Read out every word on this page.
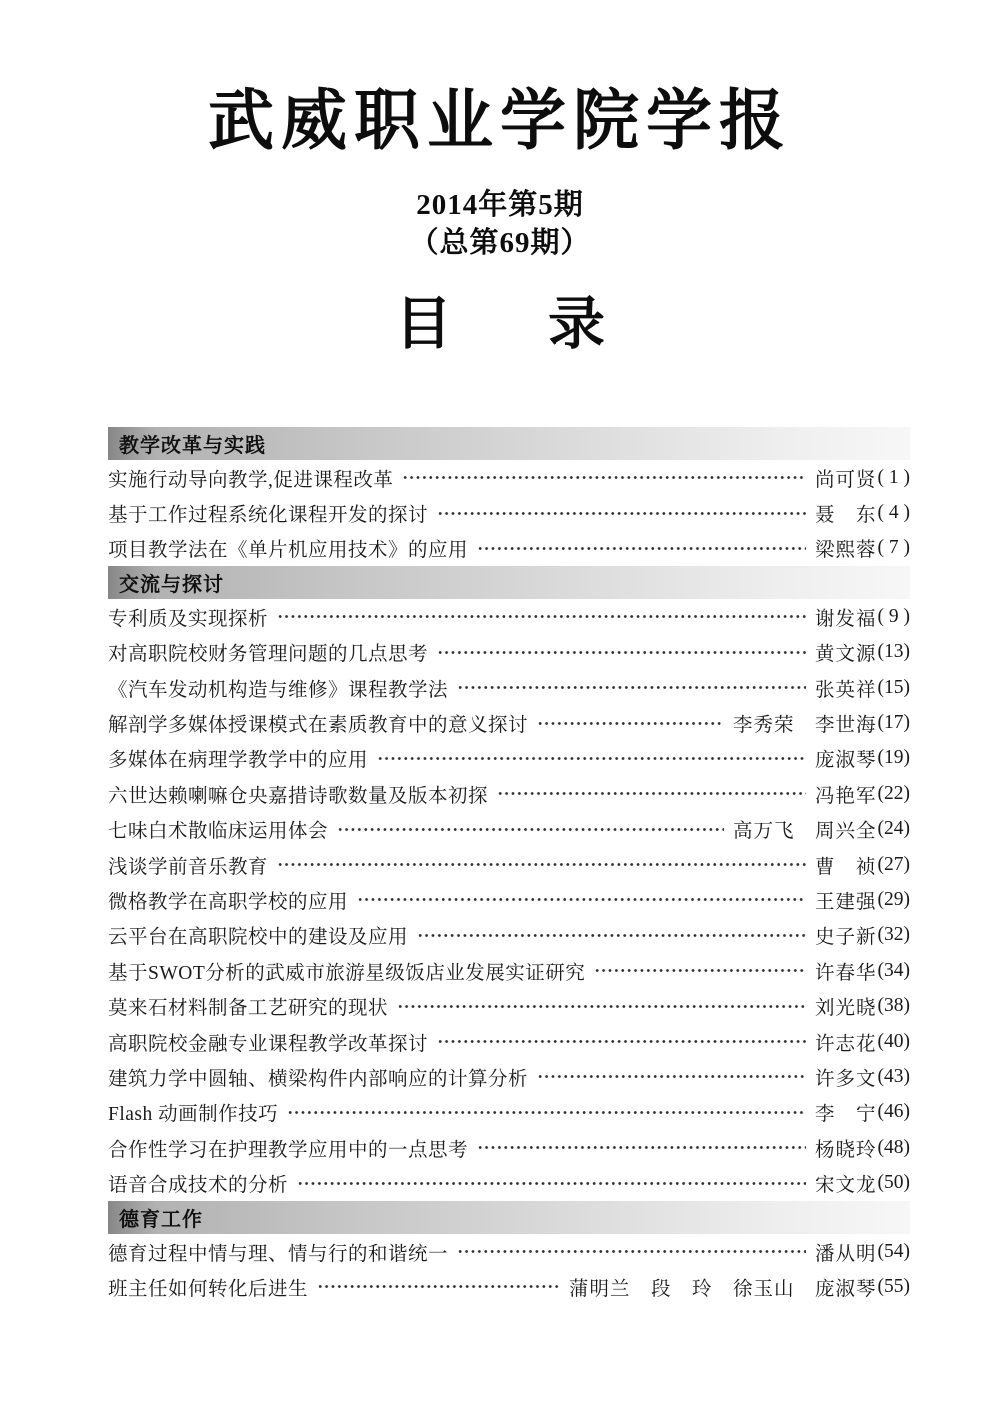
武威职业学院学报
2014年第5期
（总第69期）
目 录
教学改革与实践
实施行动导向教学,促进课程改革	尚可贤 ( 1 )
基于工作过程系统化课程开发的探讨	聂　东 ( 4 )
项目教学法在《单片机应用技术》的应用	梁熙蓉 ( 7 )
交流与探讨
专利质及实现探析	谢发福 ( 9 )
对高职院校财务管理问题的几点思考	黄文源 (13)
《汽车发动机构造与维修》课程教学法	张英祥 (15)
解剖学多媒体授课模式在素质教育中的意义探讨	李秀荣　李世海 (17)
多媒体在病理学教学中的应用	庞淑琴 (19)
六世达赖喇嘛仓央嘉措诗歌数量及版本初探	冯艳军 (22)
七味白术散临床运用体会	高万飞　周兴全 (24)
浅谈学前音乐教育	曹　祯 (27)
微格教学在高职学校的应用	王建强 (29)
云平台在高职院校中的建设及应用	史子新 (32)
基于SWOT分析的武威市旅游星级饭店业发展实证研究	许春华 (34)
莫来石材料制备工艺研究的现状	刘光晓 (38)
高职院校金融专业课程教学改革探讨	许志花 (40)
建筑力学中圆轴、横梁构件内部响应的计算分析	许多文 (43)
Flash 动画制作技巧	李　宁 (46)
合作性学习在护理教学应用中的一点思考	杨晓玲 (48)
语音合成技术的分析	宋文龙 (50)
德育工作
德育过程中情与理、情与行的和谐统一	潘从明 (54)
班主任如何转化后进生	蒲明兰　段　玲　徐玉山　庞淑琴 (55)
